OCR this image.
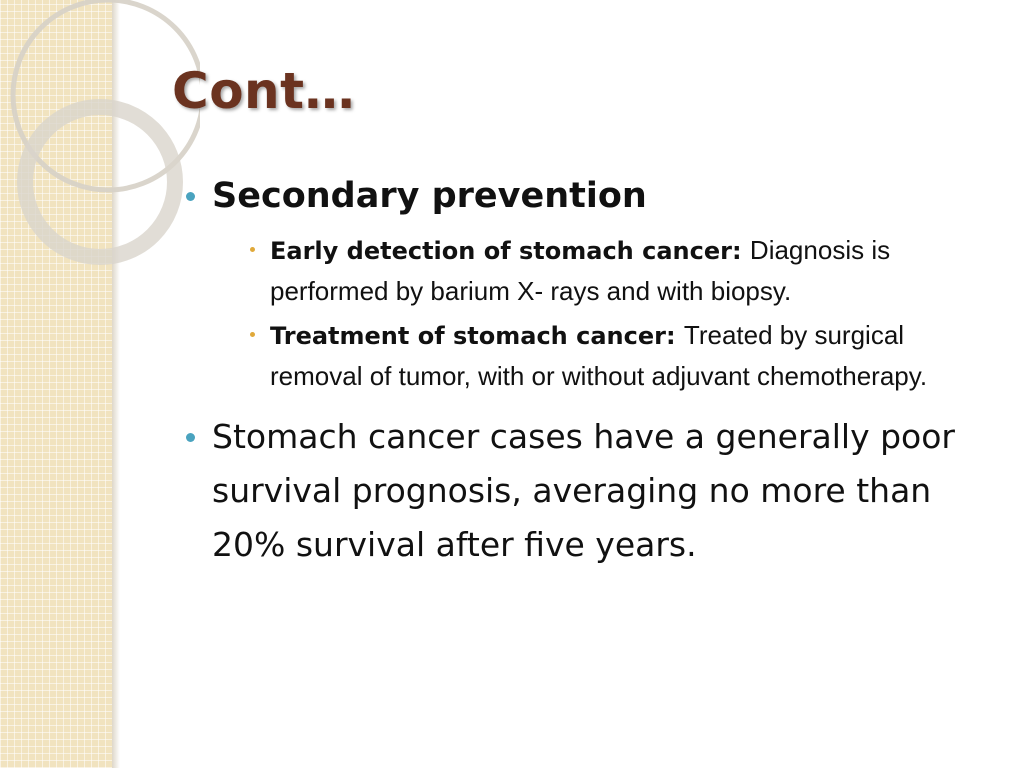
Cont…
Secondary prevention
Early detection of stomach cancer: Diagnosis is performed by barium X- rays and with biopsy.
Treatment of stomach cancer: Treated by surgical removal of tumor, with or without adjuvant chemotherapy.
Stomach cancer cases have a generally poor survival prognosis, averaging no more than 20% survival after five years.
